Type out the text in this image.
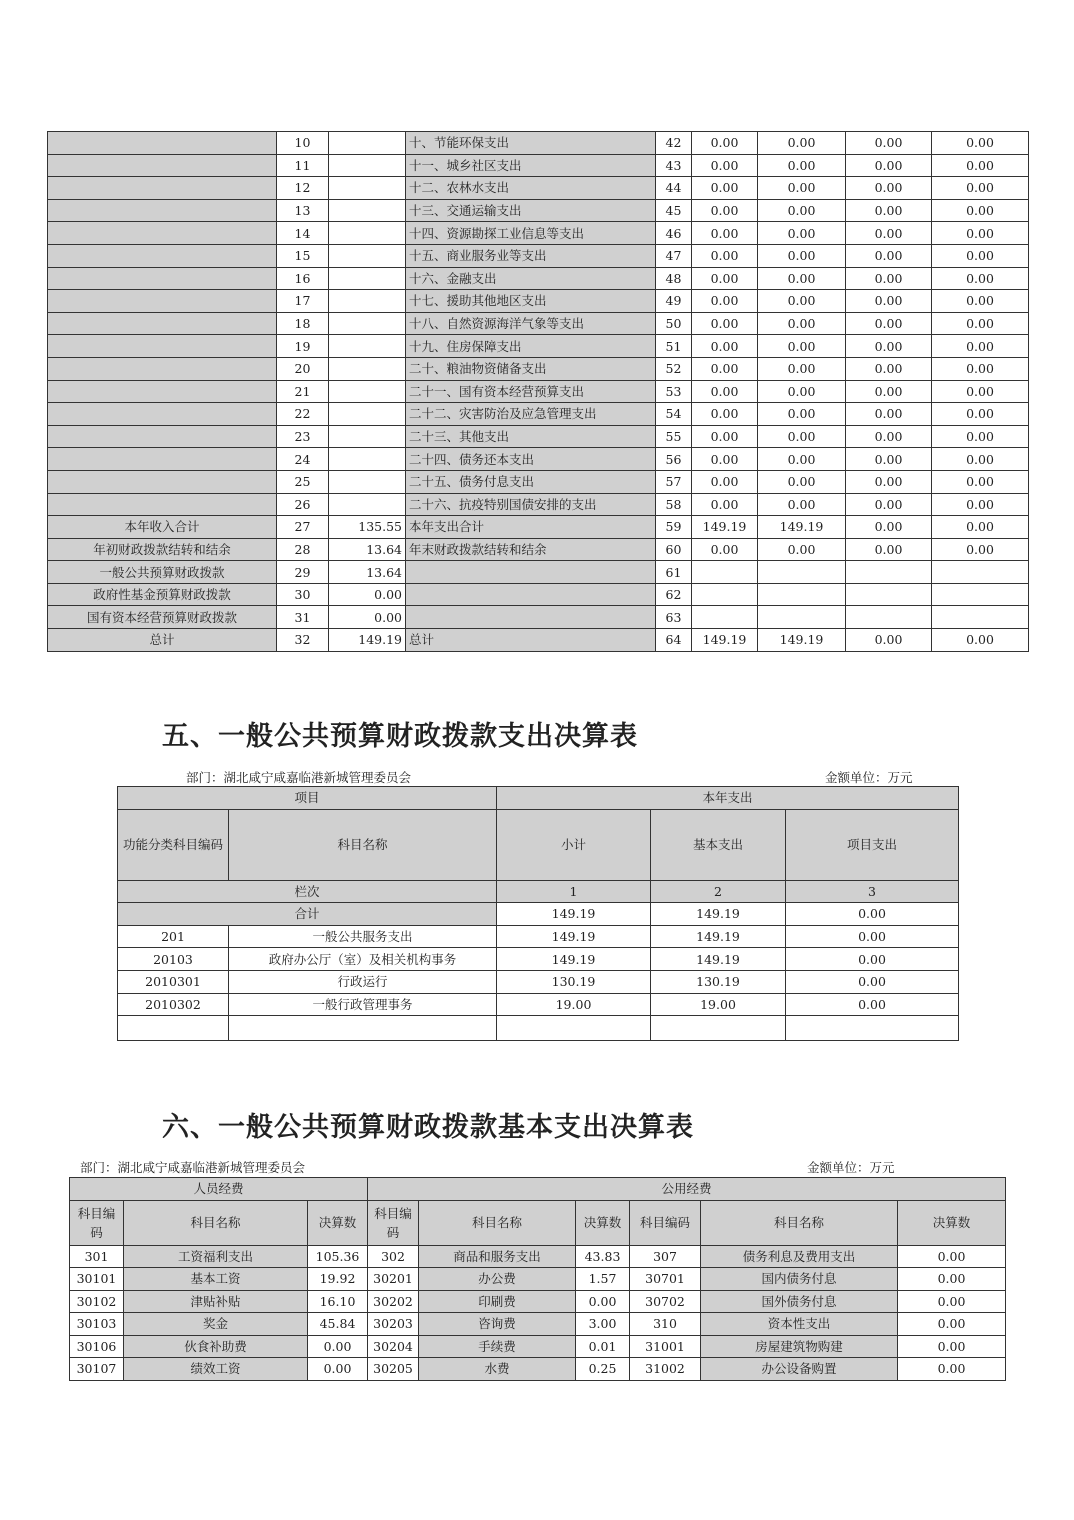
	10		十、节能环保支出	42	0.00	0.00	0.00	0.00
	11		十一、城乡社区支出	43	0.00	0.00	0.00	0.00
	12		十二、农林水支出	44	0.00	0.00	0.00	0.00
	13		十三、交通运输支出	45	0.00	0.00	0.00	0.00
	14		十四、资源勘探工业信息等支出	46	0.00	0.00	0.00	0.00
	15		十五、商业服务业等支出	47	0.00	0.00	0.00	0.00
	16		十六、金融支出	48	0.00	0.00	0.00	0.00
	17		十七、援助其他地区支出	49	0.00	0.00	0.00	0.00
	18		十八、自然资源海洋气象等支出	50	0.00	0.00	0.00	0.00
	19		十九、住房保障支出	51	0.00	0.00	0.00	0.00
	20		二十、粮油物资储备支出	52	0.00	0.00	0.00	0.00
	21		二十一、国有资本经营预算支出	53	0.00	0.00	0.00	0.00
	22		二十二、灾害防治及应急管理支出	54	0.00	0.00	0.00	0.00
	23		二十三、其他支出	55	0.00	0.00	0.00	0.00
	24		二十四、债务还本支出	56	0.00	0.00	0.00	0.00
	25		二十五、债务付息支出	57	0.00	0.00	0.00	0.00
	26		二十六、抗疫特别国债安排的支出	58	0.00	0.00	0.00	0.00
本年收入合计	27	135.55	本年支出合计	59	149.19	149.19	0.00	0.00
年初财政拨款结转和结余	28	13.64	年末财政拨款结转和结余	60	0.00	0.00	0.00	0.00
一般公共预算财政拨款	29	13.64		61				
政府性基金预算财政拨款	30	0.00		62				
国有资本经营预算财政拨款	31	0.00		63				
总计	32	149.19	总计	64	149.19	149.19	0.00	0.00
五、一般公共预算财政拨款支出决算表
部门：湖北咸宁咸嘉临港新城管理委员会	金额单位：万元
项目		本年支出		
功能分类科目编码	科目名称	小计	基本支出	项目支出
栏次		1	2	3
合计		149.19	149.19	0.00
201	一般公共服务支出	149.19	149.19	0.00
20103	政府办公厅（室）及相关机构事务	149.19	149.19	0.00
2010301	行政运行	130.19	130.19	0.00
2010302	一般行政管理事务	19.00	19.00	0.00

六、一般公共预算财政拨款基本支出决算表
部门：湖北咸宁咸嘉临港新城管理委员会	金额单位：万元
人员经费			公用经费					
科目编码	科目名称	决算数	科目编码	科目名称	决算数	科目编码	科目名称	决算数
301	工资福利支出	105.36	302	商品和服务支出	43.83	307	债务利息及费用支出	0.00
30101	基本工资	19.92	30201	办公费	1.57	30701	国内债务付息	0.00
30102	津贴补贴	16.10	30202	印刷费	0.00	30702	国外债务付息	0.00
30103	奖金	45.84	30203	咨询费	3.00	310	资本性支出	0.00
30106	伙食补助费	0.00	30204	手续费	0.01	31001	房屋建筑物购建	0.00
30107	绩效工资	0.00	30205	水费	0.25	31002	办公设备购置	0.00
